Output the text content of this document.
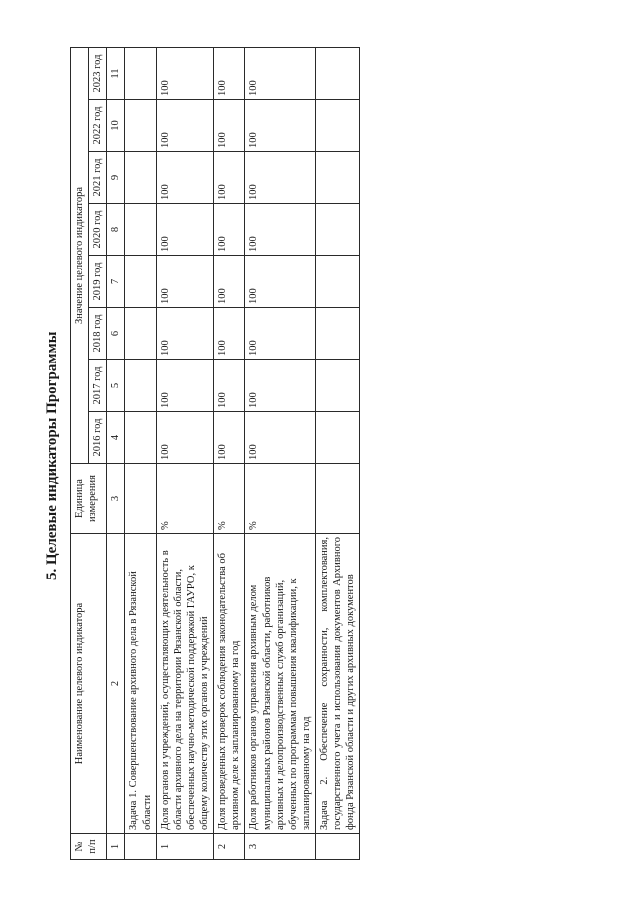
5. Целевые индикаторы Программы
№ п/п	Наименование целевого индикатора	Единица измерения	Значение целевого индикатора							
			2016 год	2017 год	2018 год	2019 год	2020 год	2021 год	2022 год	2023 год
1	2	3	4	5	6	7	8	9	10	11
	Задача 1. Совершенствование архивного дела в Рязанской области									
1	Доля органов и учреждений, осуществляющих деятельность в области архивного дела на территории Рязанской области, обеспеченных научно-методической поддержкой ГАУРО, к общему количеству этих органов и учреждений	%	100	100	100	100	100	100	100	100
2	Доля проведенных проверок соблюдения законодательства об архивном деле к запланированному на год	%	100	100	100	100	100	100	100	100
3	Доля работников органов управления архивным делом муниципальных районов Рязанской области, работников архивных и делопроизводственных служб организаций, обученных по программам повышения квалификации, к запланированному на год	%	100	100	100	100	100	100	100	100
	Задача 2. Обеспечение сохранности, комплектования, государственного учета и использования документов Архивного фонда Рязанской области и других архивных документов									
